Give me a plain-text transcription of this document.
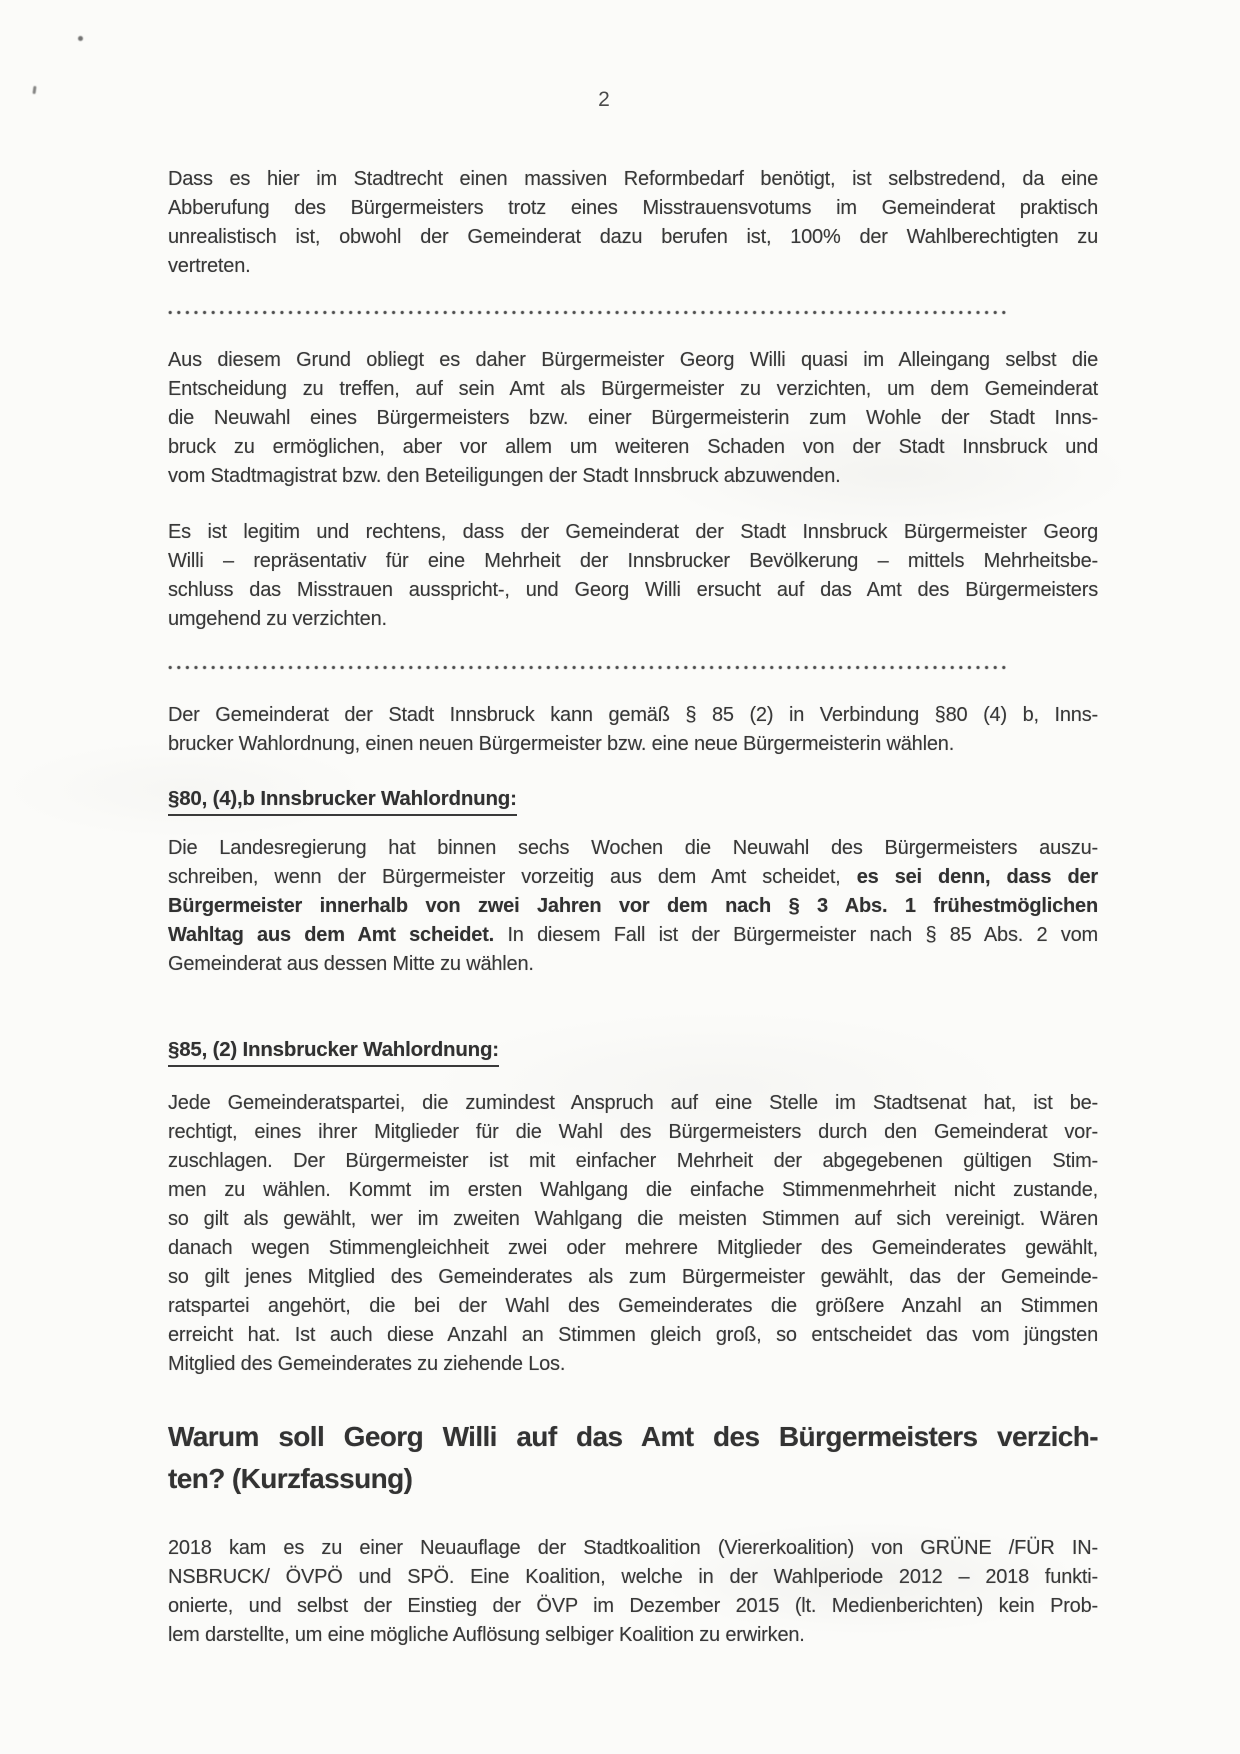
2
Dass es hier im Stadtrecht einen massiven Reformbedarf benötigt, ist selbstredend, da eine
Abberufung des Bürgermeisters trotz eines Misstrauensvotums im Gemeinderat praktisch
unrealistisch ist, obwohl der Gemeinderat dazu berufen ist, 100% der Wahlberechtigten zu
vertreten.
Aus diesem Grund obliegt es daher Bürgermeister Georg Willi quasi im Alleingang selbst die
Entscheidung zu treffen, auf sein Amt als Bürgermeister zu verzichten, um dem Gemeinderat
die Neuwahl eines Bürgermeisters bzw. einer Bürgermeisterin zum Wohle der Stadt Inns-
bruck zu ermöglichen, aber vor allem um weiteren Schaden von der Stadt Innsbruck und
vom Stadtmagistrat bzw. den Beteiligungen der Stadt Innsbruck abzuwenden.
Es ist legitim und rechtens, dass der Gemeinderat der Stadt Innsbruck Bürgermeister Georg
Willi – repräsentativ für eine Mehrheit der Innsbrucker Bevölkerung – mittels Mehrheitsbe-
schluss das Misstrauen ausspricht-, und Georg Willi ersucht auf das Amt des Bürgermeisters
umgehend zu verzichten.
Der Gemeinderat der Stadt Innsbruck kann gemäß § 85 (2) in Verbindung §80 (4) b, Inns-
brucker Wahlordnung, einen neuen Bürgermeister bzw. eine neue Bürgermeisterin wählen.
§80, (4),b Innsbrucker Wahlordnung:
Die Landesregierung hat binnen sechs Wochen die Neuwahl des Bürgermeisters auszu-
schreiben, wenn der Bürgermeister vorzeitig aus dem Amt scheidet, es sei denn, dass der
Bürgermeister innerhalb von zwei Jahren vor dem nach § 3 Abs. 1 frühestmöglichen
Wahltag aus dem Amt scheidet. In diesem Fall ist der Bürgermeister nach § 85 Abs. 2 vom
Gemeinderat aus dessen Mitte zu wählen.
§85, (2) Innsbrucker Wahlordnung:
Jede Gemeinderatspartei, die zumindest Anspruch auf eine Stelle im Stadtsenat hat, ist be-
rechtigt, eines ihrer Mitglieder für die Wahl des Bürgermeisters durch den Gemeinderat vor-
zuschlagen. Der Bürgermeister ist mit einfacher Mehrheit der abgegebenen gültigen Stim-
men zu wählen. Kommt im ersten Wahlgang die einfache Stimmenmehrheit nicht zustande,
so gilt als gewählt, wer im zweiten Wahlgang die meisten Stimmen auf sich vereinigt. Wären
danach wegen Stimmengleichheit zwei oder mehrere Mitglieder des Gemeinderates gewählt,
so gilt jenes Mitglied des Gemeinderates als zum Bürgermeister gewählt, das der Gemeinde-
ratspartei angehört, die bei der Wahl des Gemeinderates die größere Anzahl an Stimmen
erreicht hat. Ist auch diese Anzahl an Stimmen gleich groß, so entscheidet das vom jüngsten
Mitglied des Gemeinderates zu ziehende Los.
Warum soll Georg Willi auf das Amt des Bürgermeisters verzich-
ten? (Kurzfassung)
2018 kam es zu einer Neuauflage der Stadtkoalition (Viererkoalition) von GRÜNE /FÜR IN-
NSBRUCK/ ÖVPÖ und SPÖ. Eine Koalition, welche in der Wahlperiode 2012 – 2018 funkti-
onierte, und selbst der Einstieg der ÖVP im Dezember 2015 (lt. Medienberichten) kein Prob-
lem darstellte, um eine mögliche Auflösung selbiger Koalition zu erwirken.
